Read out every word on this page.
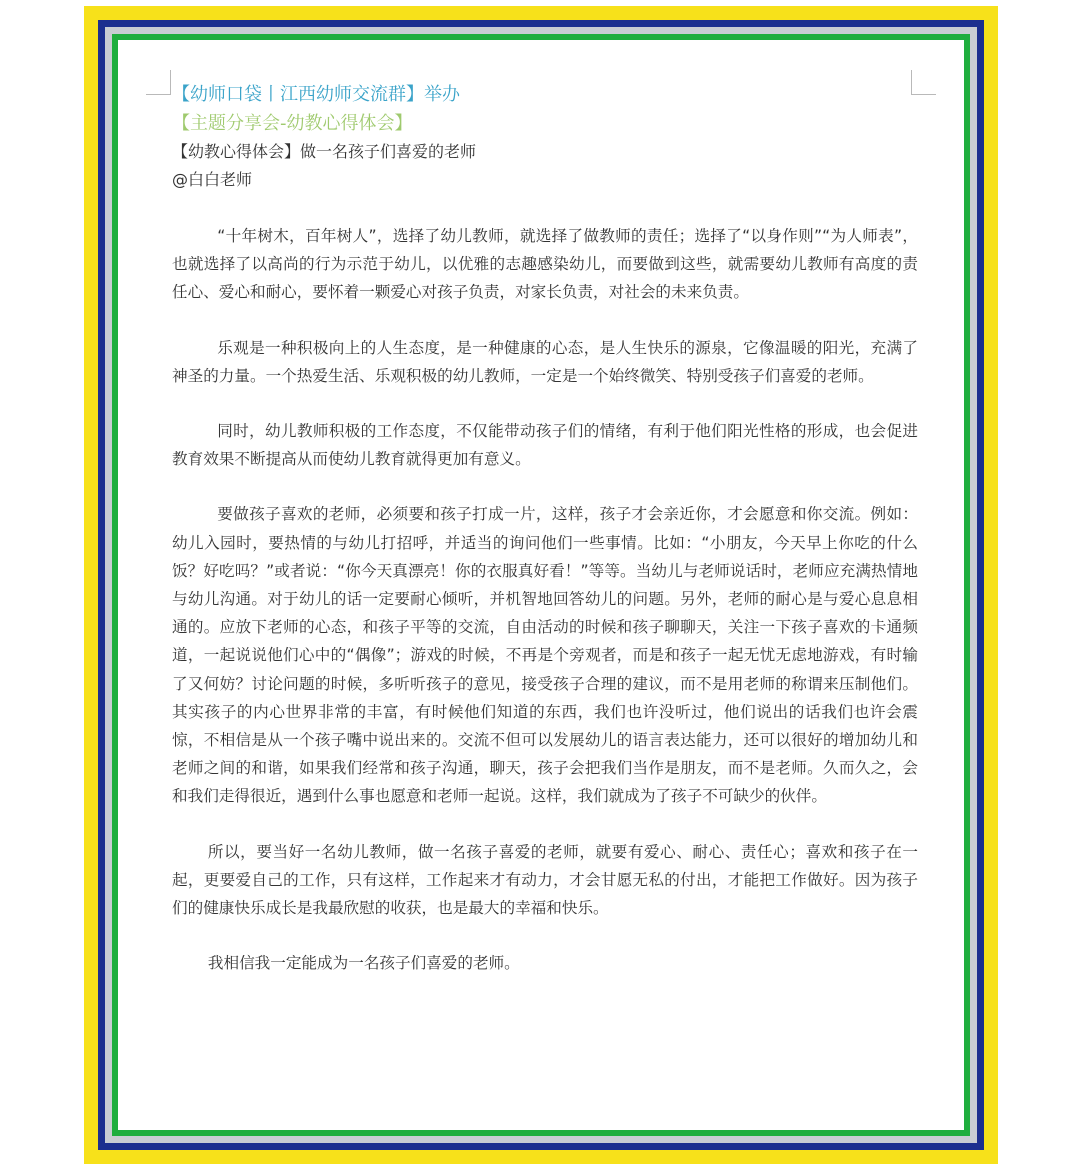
【幼师口袋丨江西幼师交流群】举办
【主题分享会-幼教心得体会】
【幼教心得体会】做一名孩子们喜爱的老师
@白白老师

“十年树木，百年树人”，选择了幼儿教师，就选择了做教师的责任；选择了“以身作则”“为人师表”，也就选择了以高尚的行为示范于幼儿，以优雅的志趣感染幼儿，而要做到这些，就需要幼儿教师有高度的责任心、爱心和耐心，要怀着一颗爱心对孩子负责，对家长负责，对社会的未来负责。

乐观是一种积极向上的人生态度，是一种健康的心态，是人生快乐的源泉，它像温暖的阳光，充满了神圣的力量。一个热爱生活、乐观积极的幼儿教师，一定是一个始终微笑、特别受孩子们喜爱的老师。

同时，幼儿教师积极的工作态度，不仅能带动孩子们的情绪，有利于他们阳光性格的形成，也会促进教育效果不断提高从而使幼儿教育就得更加有意义。

要做孩子喜欢的老师，必须要和孩子打成一片，这样，孩子才会亲近你，才会愿意和你交流。例如：幼儿入园时，要热情的与幼儿打招呼，并适当的询问他们一些事情。比如：“小朋友，今天早上你吃的什么饭？好吃吗？”或者说：“你今天真漂亮！你的衣服真好看！”等等。当幼儿与老师说话时，老师应充满热情地与幼儿沟通。对于幼儿的话一定要耐心倾听，并机智地回答幼儿的问题。另外，老师的耐心是与爱心息息相通的。应放下老师的心态，和孩子平等的交流，自由活动的时候和孩子聊聊天，关注一下孩子喜欢的卡通频道，一起说说他们心中的“偶像”；游戏的时候，不再是个旁观者，而是和孩子一起无忧无虑地游戏，有时输了又何妨？讨论问题的时候，多听听孩子的意见，接受孩子合理的建议，而不是用老师的称谓来压制他们。其实孩子的内心世界非常的丰富，有时候他们知道的东西，我们也许没听过，他们说出的话我们也许会震惊，不相信是从一个孩子嘴中说出来的。交流不但可以发展幼儿的语言表达能力，还可以很好的增加幼儿和老师之间的和谐，如果我们经常和孩子沟通，聊天，孩子会把我们当作是朋友，而不是老师。久而久之，会和我们走得很近，遇到什么事也愿意和老师一起说。这样，我们就成为了孩子不可缺少的伙伴。

所以，要当好一名幼儿教师，做一名孩子喜爱的老师，就要有爱心、耐心、责任心；喜欢和孩子在一起，更要爱自己的工作，只有这样，工作起来才有动力，才会甘愿无私的付出，才能把工作做好。因为孩子们的健康快乐成长是我最欣慰的收获，也是最大的幸福和快乐。

我相信我一定能成为一名孩子们喜爱的老师。
